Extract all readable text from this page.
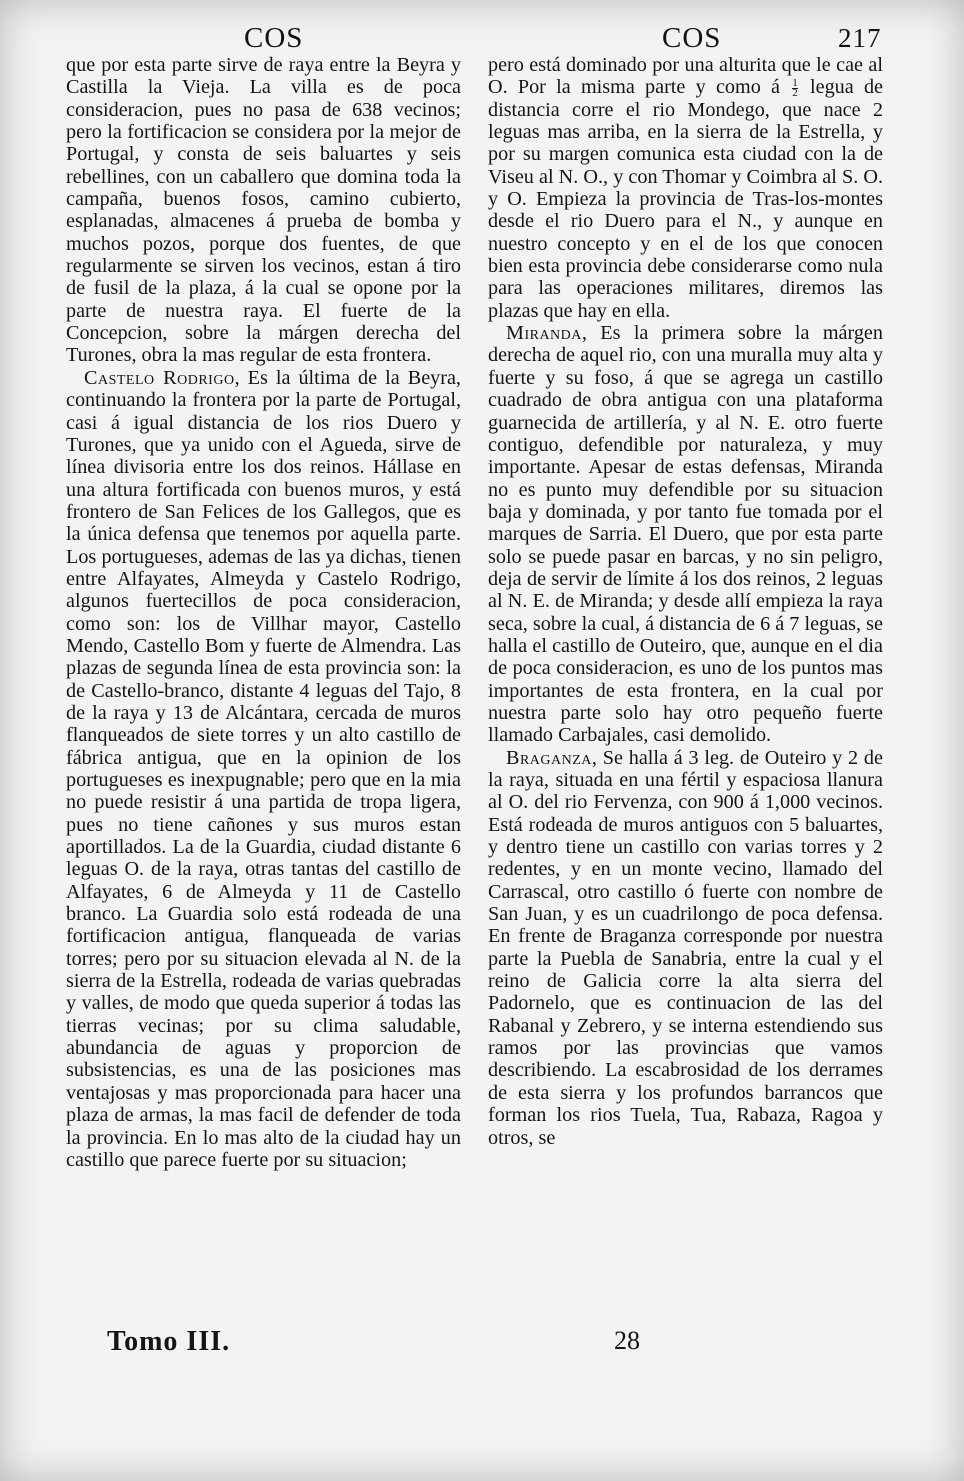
COS	COS	217

que por esta parte sirve de raya entre la Beyra y Castilla la Vieja. La villa es de poca consideracion, pues no pasa de 638 vecinos; pero la fortificacion se considera por la mejor de Portugal, y consta de seis baluartes y seis rebellines, con un caballero que domina toda la campaña, buenos fosos, camino cubierto, esplanadas, almacenes á prueba de bomba y muchos pozos, porque dos fuentes, de que regularmente se sirven los vecinos, estan á tiro de fusil de la plaza, á la cual se opone por la parte de nuestra raya. El fuerte de la Concepcion, sobre la márgen derecha del Turones, obra la mas regular de esta frontera.

Castelo Rodrigo, Es la última de la Beyra, continuando la frontera por la parte de Portugal, casi á igual distancia de los rios Duero y Turones, que ya unido con el Agueda, sirve de línea divisoria entre los dos reinos. Hállase en una altura fortificada con buenos muros, y está frontero de San Felices de los Gallegos, que es la única defensa que tenemos por aquella parte. Los portugueses, ademas de las ya dichas, tienen entre Alfayates, Almeyda y Castelo Rodrigo, algunos fuertecillos de poca consideracion, como son: los de Villhar mayor, Castello Mendo, Castello Bom y fuerte de Almendra. Las plazas de segunda línea de esta provincia son: la de Castello-branco, distante 4 leguas del Tajo, 8 de la raya y 13 de Alcántara, cercada de muros flanqueados de siete torres y un alto castillo de fábrica antigua, que en la opinion de los portugueses es inexpugnable; pero que en la mia no puede resistir á una partida de tropa ligera, pues no tiene cañones y sus muros estan aportillados. La de la Guardia, ciudad distante 6 leguas O. de la raya, otras tantas del castillo de Alfayates, 6 de Almeyda y 11 de Castello branco. La Guardia solo está rodeada de una fortificacion antigua, flanqueada de varias torres; pero por su situacion elevada al N. de la sierra de la Estrella, rodeada de varias quebradas y valles, de modo que queda superior á todas las tierras vecinas; por su clima saludable, abundancia de aguas y proporcion de subsistencias, es una de las posiciones mas ventajosas y mas proporcionada para hacer una plaza de armas, la mas facil de defender de toda la provincia. En lo mas alto de la ciudad hay un castillo que parece fuerte por su situacion;

pero está dominado por una alturita que le cae al O. Por la misma parte y como á $\frac{1}{2}$ legua de distancia corre el rio Mondego, que nace 2 leguas mas arriba, en la sierra de la Estrella, y por su margen comunica esta ciudad con la de Viseu al N. O., y con Thomar y Coimbra al S. O. y O. Empieza la provincia de Tras-los-montes desde el rio Duero para el N., y aunque en nuestro concepto y en el de los que conocen bien esta provincia debe considerarse como nula para las operaciones militares, diremos las plazas que hay en ella.

Miranda, Es la primera sobre la márgen derecha de aquel rio, con una muralla muy alta y fuerte y su foso, á que se agrega un castillo cuadrado de obra antigua con una plataforma guarnecida de artillería, y al N. E. otro fuerte contiguo, defendible por naturaleza, y muy importante. Apesar de estas defensas, Miranda no es punto muy defendible por su situacion baja y dominada, y por tanto fue tomada por el marques de Sarria. El Duero, que por esta parte solo se puede pasar en barcas, y no sin peligro, deja de servir de límite á los dos reinos, 2 leguas al N. E. de Miranda; y desde allí empieza la raya seca, sobre la cual, á distancia de 6 á 7 leguas, se halla el castillo de Outeiro, que, aunque en el dia de poca consideracion, es uno de los puntos mas importantes de esta frontera, en la cual por nuestra parte solo hay otro pequeño fuerte llamado Carbajales, casi demolido.

Braganza, Se halla á 3 leg. de Outeiro y 2 de la raya, situada en una fértil y espaciosa llanura al O. del rio Fervenza, con 900 á 1,000 vecinos. Está rodeada de muros antiguos con 5 baluartes, y dentro tiene un castillo con varias torres y 2 redentes, y en un monte vecino, llamado del Carrascal, otro castillo ó fuerte con nombre de San Juan, y es un cuadrilongo de poca defensa. En frente de Braganza corresponde por nuestra parte la Puebla de Sanabria, entre la cual y el reino de Galicia corre la alta sierra del Padornelo, que es continuacion de las del Rabanal y Zebrero, y se interna estendiendo sus ramos por las provincias que vamos describiendo. La escabrosidad de los derrames de esta sierra y los profundos barrancos que forman los rios Tuela, Tua, Rabaza, Ragoa y otros, se

Tomo III.	28
